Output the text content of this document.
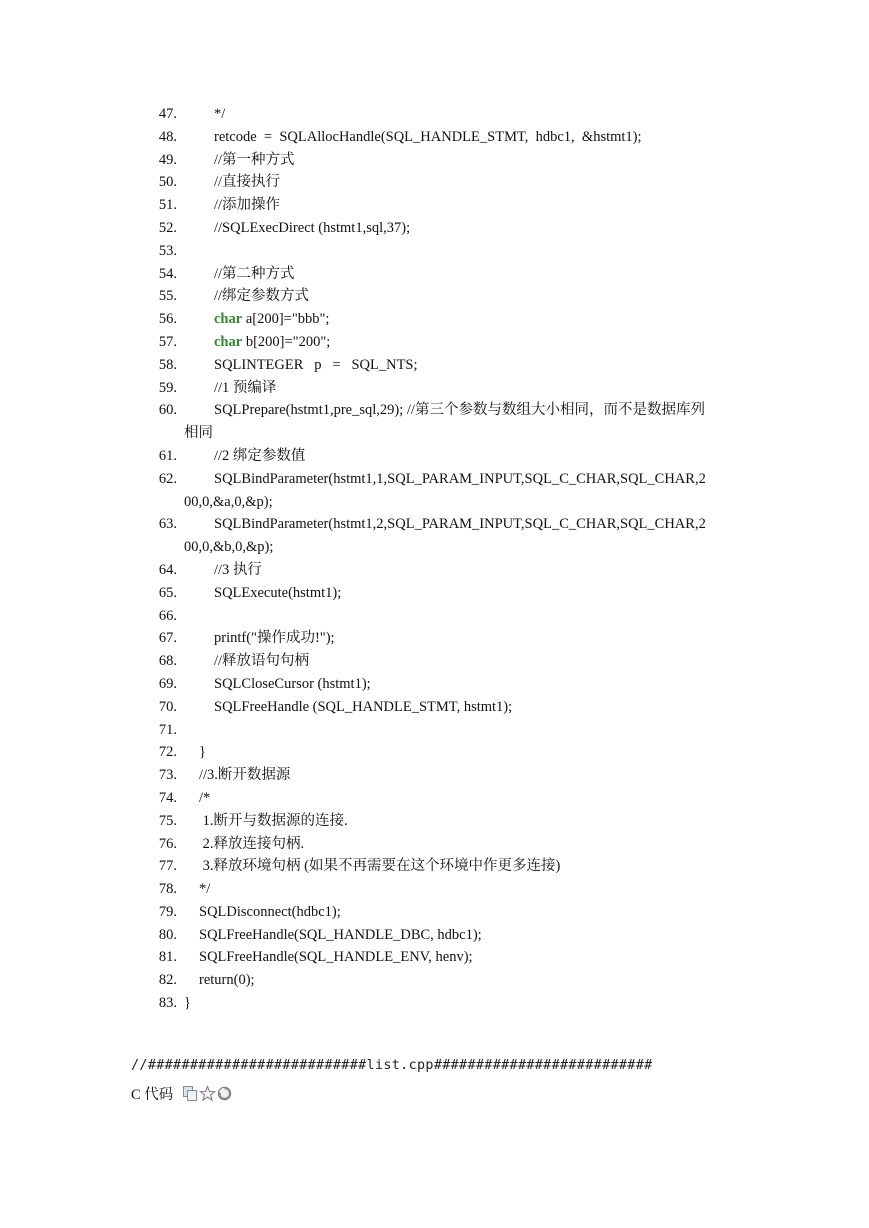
47.	*/
48.	retcode  =  SQLAllocHandle(SQL_HANDLE_STMT,  hdbc1,  &hstmt1);
49.	//第一种方式
50.	//直接执行
51.	//添加操作
52.	//SQLExecDirect (hstmt1,sql,37);
53.
54.	//第二种方式
55.	//绑定参数方式
56.	char a[200]="bbb";
57.	char b[200]="200";
58.	SQLINTEGER   p   =   SQL_NTS;
59.	//1 预编译
60.	SQLPrepare(hstmt1,pre_sql,29); //第三个参数与数组大小相同，而不是数据库列
相同
61.	//2 绑定参数值
62.	SQLBindParameter(hstmt1,1,SQL_PARAM_INPUT,SQL_C_CHAR,SQL_CHAR,2
00,0,&a,0,&p);
63.	SQLBindParameter(hstmt1,2,SQL_PARAM_INPUT,SQL_C_CHAR,SQL_CHAR,2
00,0,&b,0,&p);
64.	//3 执行
65.	SQLExecute(hstmt1);
66.
67.	printf("操作成功!");
68.	//释放语句句柄
69.	SQLCloseCursor (hstmt1);
70.	SQLFreeHandle (SQL_HANDLE_STMT, hstmt1);
71.
72. }
73. //3.断开数据源
74. /*
75. 1.断开与数据源的连接.
76. 2.释放连接句柄.
77. 3.释放环境句柄 (如果不再需要在这个环境中作更多连接)
78. */
79. SQLDisconnect(hdbc1);
80. SQLFreeHandle(SQL_HANDLE_DBC, hdbc1);
81. SQLFreeHandle(SQL_HANDLE_ENV, henv);
82. return(0);
83. }
//##########################list.cpp##########################
C 代码
